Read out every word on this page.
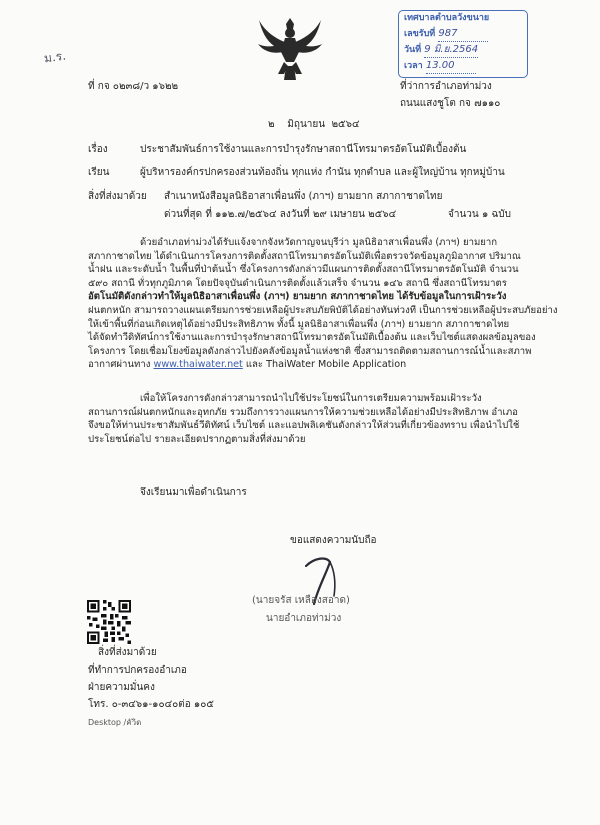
ม.ร.
ที่ กจ ๐๒๓๘/ว ๑๖๒๒
เทศบาลตำบลวังขนาย
เลขรับที่ 987
วันที่ 9 มิ.ย.2564
เวลา 13.00
ที่ว่าการอำเภอท่าม่วง
ถนนแสงชูโต กจ ๗๑๑๐
๒    มิถุนายน  ๒๕๖๔
เรื่อง	ประชาสัมพันธ์การใช้งานและการบำรุงรักษาสถานีโทรมาตรอัตโนมัติเบื้องต้น
เรียน	ผู้บริหารองค์กรปกครองส่วนท้องถิ่น ทุกแห่ง กำนัน ทุกตำบล และผู้ใหญ่บ้าน ทุกหมู่บ้าน
สิ่งที่ส่งมาด้วย สำเนาหนังสือมูลนิธิอาสาเพื่อนพึ่ง (ภาฯ) ยามยาก สภากาชาดไทย
ด่วนที่สุด ที่ ๑๑๒.๗/๒๕๖๔ ลงวันที่ ๒๙ เมษายน ๒๕๖๔	จำนวน ๑ ฉบับ
ด้วยอำเภอท่าม่วงได้รับแจ้งจากจังหวัดกาญจนบุรีว่า มูลนิธิอาสาเพื่อนพึ่ง (ภาฯ) ยามยาก
สภากาชาดไทย ได้ดำเนินการโครงการติดตั้งสถานีโทรมาตรอัตโนมัติเพื่อตรวจวัดข้อมูลภูมิอากาศ ปริมาณ
น้ำฝน และระดับน้ำ ในพื้นที่ป่าต้นน้ำ ซึ่งโครงการดังกล่าวมีแผนการติดตั้งสถานีโทรมาตรอัตโนมัติ จำนวน
๕๙๐ สถานี ทั่วทุกภูมิภาค โดยปัจจุบันดำเนินการติดตั้งแล้วเสร็จ จำนวน ๑๔๖ สถานี ซึ่งสถานีโทรมาตร
อัตโนมัติดังกล่าวทำให้มูลนิธิอาสาเพื่อนพึ่ง (ภาฯ) ยามยาก สภากาชาดไทย ได้รับข้อมูลในการเฝ้าระวัง
ฝนตกหนัก สามารถวางแผนเตรียมการช่วยเหลือผู้ประสบภัยพิบัติได้อย่างทันท่วงที เป็นการช่วยเหลือผู้ประสบภัยอย่าง
ให้เข้าพื้นที่ก่อนเกิดเหตุได้อย่างมีประสิทธิภาพ ทั้งนี้ มูลนิธิอาสาเพื่อนพึ่ง (ภาฯ) ยามยาก สภากาชาดไทย
ได้จัดทำวีดิทัศน์การใช้งานและการบำรุงรักษาสถานีโทรมาตรอัตโนมัติเบื้องต้น และเว็บไซต์แสดงผลข้อมูลของ
โครงการ โดยเชื่อมโยงข้อมูลดังกล่าวไปยังคลังข้อมูลน้ำแห่งชาติ ซึ่งสามารถติดตามสถานการณ์น้ำและสภาพ
อากาศผ่านทาง www.thaiwater.net และ ThaiWater Mobile Application
เพื่อให้โครงการดังกล่าวสามารถนำไปใช้ประโยชน์ในการเตรียมความพร้อมเฝ้าระวัง
สถานการณ์ฝนตกหนักและอุทกภัย รวมถึงการวางแผนการให้ความช่วยเหลือได้อย่างมีประสิทธิภาพ อำเภอ
จึงขอให้ท่านประชาสัมพันธ์วีดิทัศน์ เว็บไซต์ และแอปพลิเคชันดังกล่าวให้ส่วนที่เกี่ยวข้องทราบ เพื่อนำไปใช้
ประโยชน์ต่อไป รายละเอียดปรากฏตามสิ่งที่ส่งมาด้วย
จึงเรียนมาเพื่อดำเนินการ
ขอแสดงความนับถือ
(นายจรัส เหลืองสอาด)
นายอำเภอท่าม่วง
สิ่งที่ส่งมาด้วย
ที่ทำการปกครองอำเภอ
ฝ่ายความมั่นคง
โทร. ๐-๓๔๖๑-๑๐๔๐ต่อ ๑๐๕
Desktop /คัวิด
